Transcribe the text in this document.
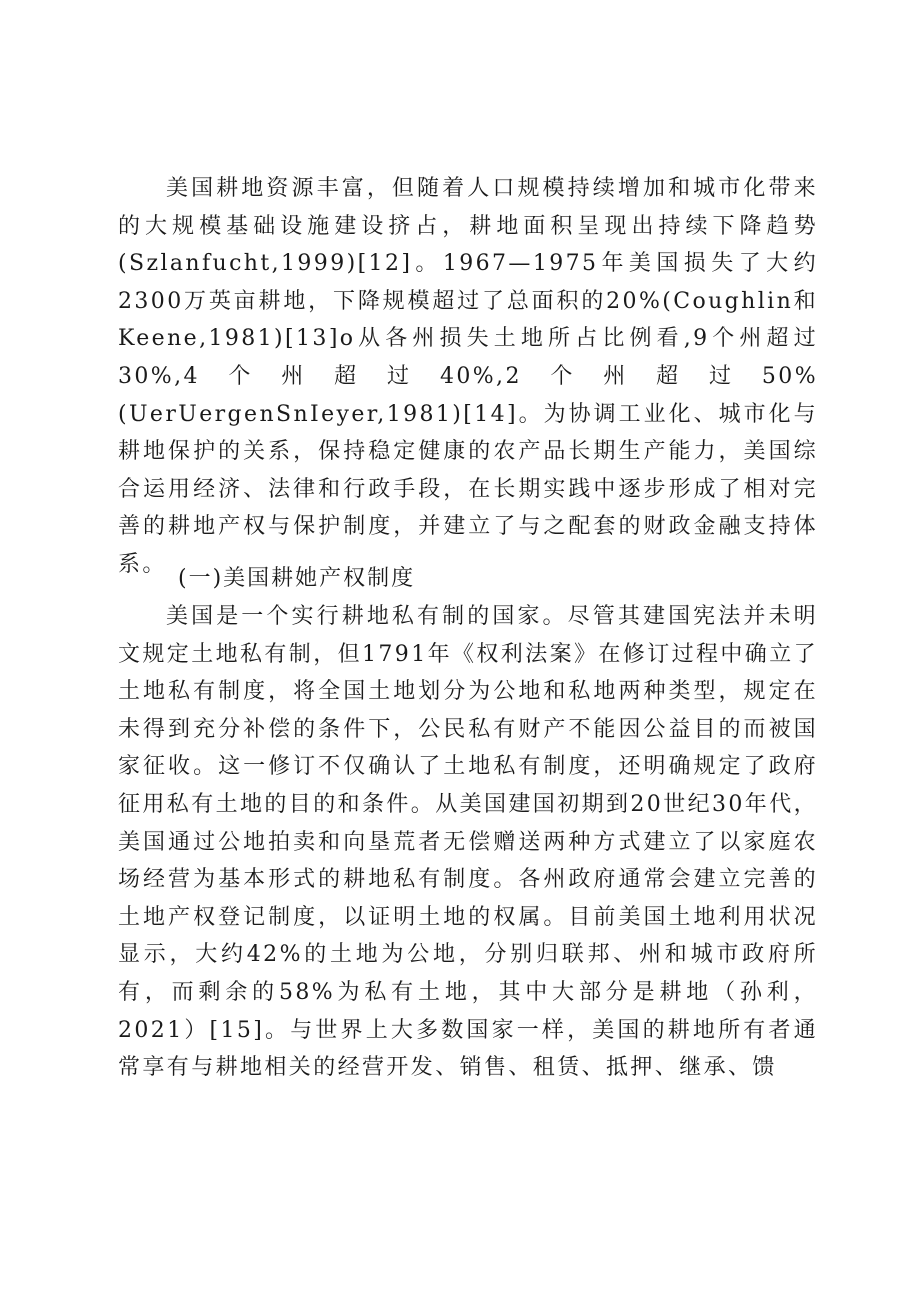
美国耕地资源丰富，但随着人口规模持续增加和城市化带来的大规模基础设施建设挤占，耕地面积呈现出持续下降趋势(Szlanfucht,1999)[12]。1967—1975年美国损失了大约2300万英亩耕地，下降规模超过了总面积的20%(Coughlin和Keene,1981)[13]o从各州损失土地所占比例看,9个州超过30%,4个州超过40%,2个州超过50%(UerUergenSnIeyer,1981)[14]。为协调工业化、城市化与耕地保护的关系，保持稳定健康的农产品长期生产能力，美国综合运用经济、法律和行政手段，在长期实践中逐步形成了相对完善的耕地产权与保护制度，并建立了与之配套的财政金融支持体系。

(一)美国耕她产权制度

美国是一个实行耕地私有制的国家。尽管其建国宪法并未明文规定土地私有制，但1791年《权利法案》在修订过程中确立了土地私有制度，将全国土地划分为公地和私地两种类型，规定在未得到充分补偿的条件下，公民私有财产不能因公益目的而被国家征收。这一修订不仅确认了土地私有制度，还明确规定了政府征用私有土地的目的和条件。从美国建国初期到20世纪30年代，美国通过公地拍卖和向垦荒者无偿赠送两种方式建立了以家庭农场经营为基本形式的耕地私有制度。各州政府通常会建立完善的土地产权登记制度，以证明土地的权属。目前美国土地利用状况显示，大约42%的土地为公地，分别归联邦、州和城市政府所有，而剩余的58%为私有土地，其中大部分是耕地（孙利，2021）[15]。与世界上大多数国家一样，美国的耕地所有者通常享有与耕地相关的经营开发、销售、租赁、抵押、继承、馈
